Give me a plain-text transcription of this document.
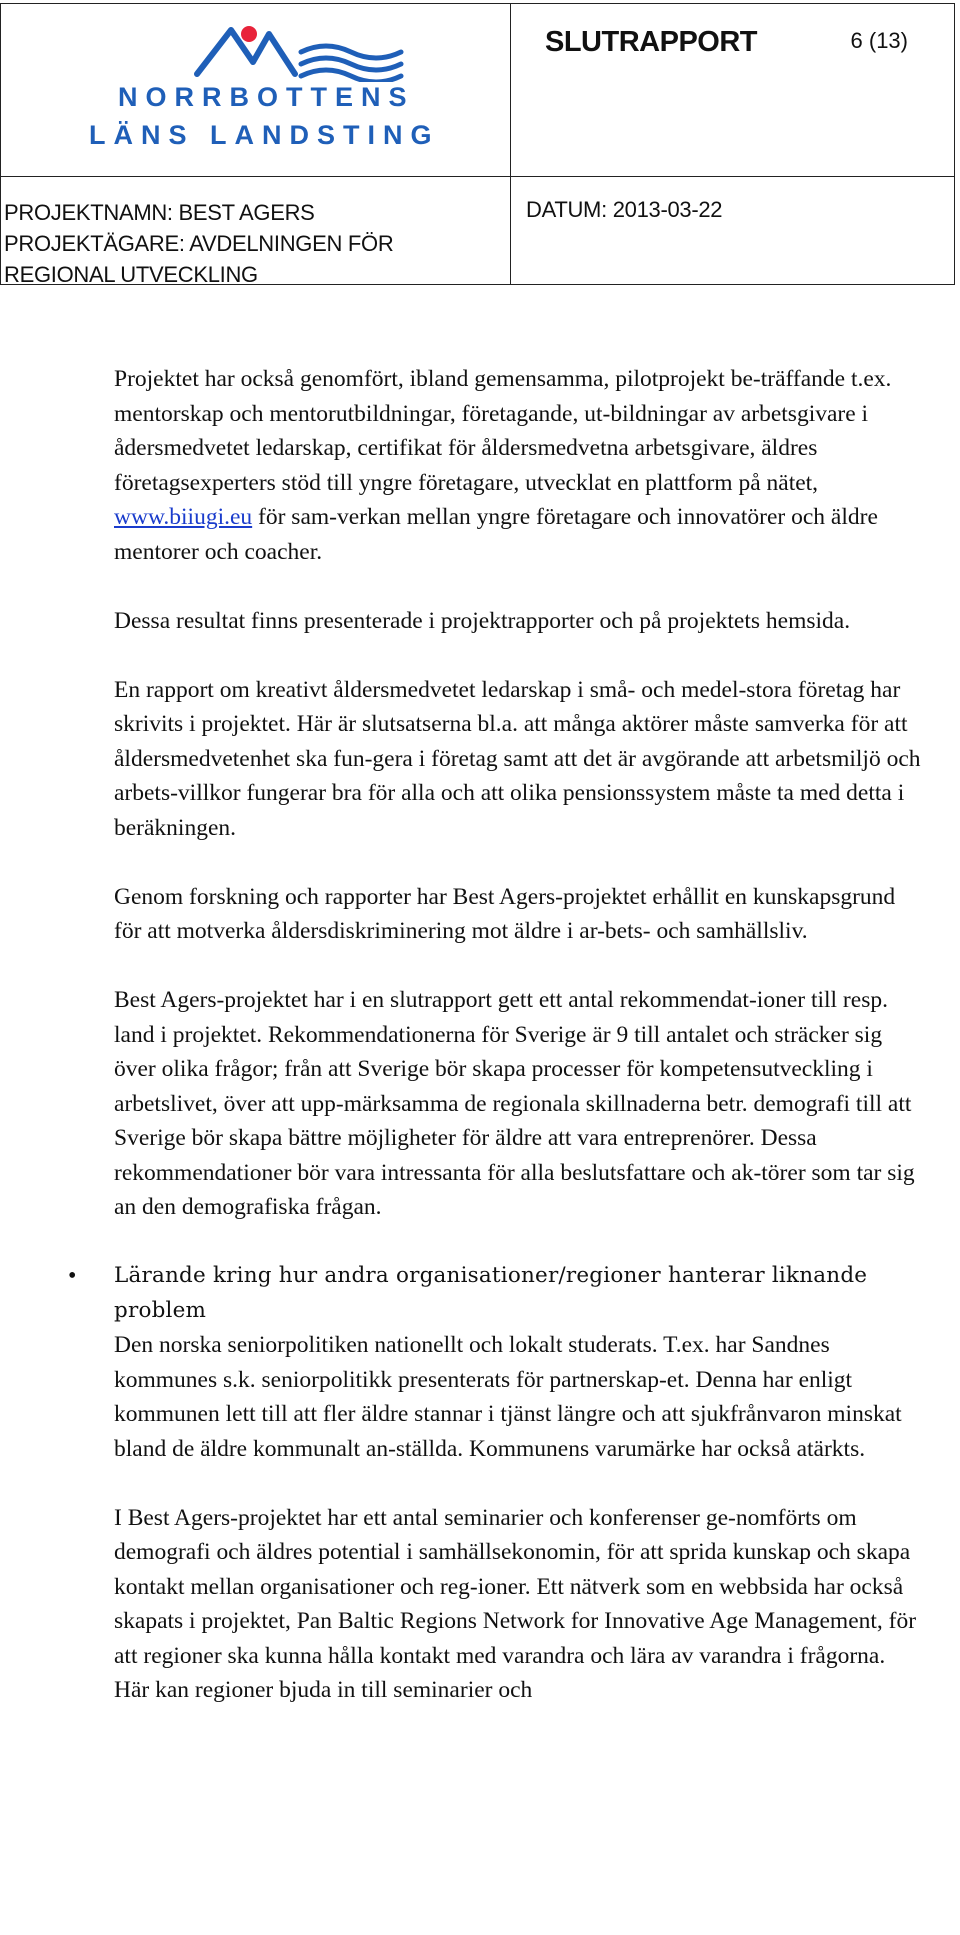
NORRBOTTENS
LÄNS LANDSTING
SLUTRAPPORT	6 (13)
PROJEKTNAMN: BEST AGERS
PROJEKTÄGARE: AVDELNINGEN FÖR
REGIONAL UTVECKLING
DATUM: 2013-03-22

Projektet har också genomfört, ibland gemensamma, pilotprojekt be-träffande t.ex. mentorskap och mentorutbildningar, företagande, ut-bildningar av arbetsgivare i ådersmedvetet ledarskap, certifikat för åldersmedvetna arbetsgivare, äldres företagsexperters stöd till yngre företagare, utvecklat en plattform på nätet, www.biiugi.eu för sam-verkan mellan yngre företagare och innovatörer och äldre mentorer och coacher.

Dessa resultat finns presenterade i projektrapporter och på projektets hemsida.

En rapport om kreativt åldersmedvetet ledarskap i små- och medel-stora företag har skrivits i projektet. Här är slutsatserna bl.a. att många aktörer måste samverka för att åldersmedvetenhet ska fun-gera i företag samt att det är avgörande att arbetsmiljö och arbets-villkor fungerar bra för alla och att olika pensionssystem måste ta med detta i beräkningen.

Genom forskning och rapporter har Best Agers-projektet erhållit en kunskapsgrund för att motverka åldersdiskriminering mot äldre i ar-bets- och samhällsliv.

Best Agers-projektet har i en slutrapport gett ett antal rekommendat-ioner till resp. land i projektet. Rekommendationerna för Sverige är 9 till antalet och sträcker sig över olika frågor; från att Sverige bör skapa processer för kompetensutveckling i arbetslivet, över att upp-märksamma de regionala skillnaderna betr. demografi till att Sverige bör skapa bättre möjligheter för äldre att vara entreprenörer. Dessa rekommendationer bör vara intressanta för alla beslutsfattare och ak-törer som tar sig an den demografiska frågan.

• Lärande kring hur andra organisationer/regioner hanterar liknande problem

Den norska seniorpolitiken nationellt och lokalt studerats. T.ex. har Sandnes kommunes s.k. seniorpolitikk presenterats för partnerskap-et. Denna har enligt kommunen lett till att fler äldre stannar i tjänst längre och att sjukfrånvaron minskat bland de äldre kommunalt an-ställda. Kommunens varumärke har också atärkts.

I Best Agers-projektet har ett antal seminarier och konferenser ge-nomförts om demografi och äldres potential i samhällsekonomin, för att sprida kunskap och skapa kontakt mellan organisationer och reg-ioner. Ett nätverk som en webbsida har också skapats i projektet, Pan Baltic Regions Network for Innovative Age Management, för att regioner ska kunna hålla kontakt med varandra och lära av varandra i frågorna. Här kan regioner bjuda in till seminarier och
